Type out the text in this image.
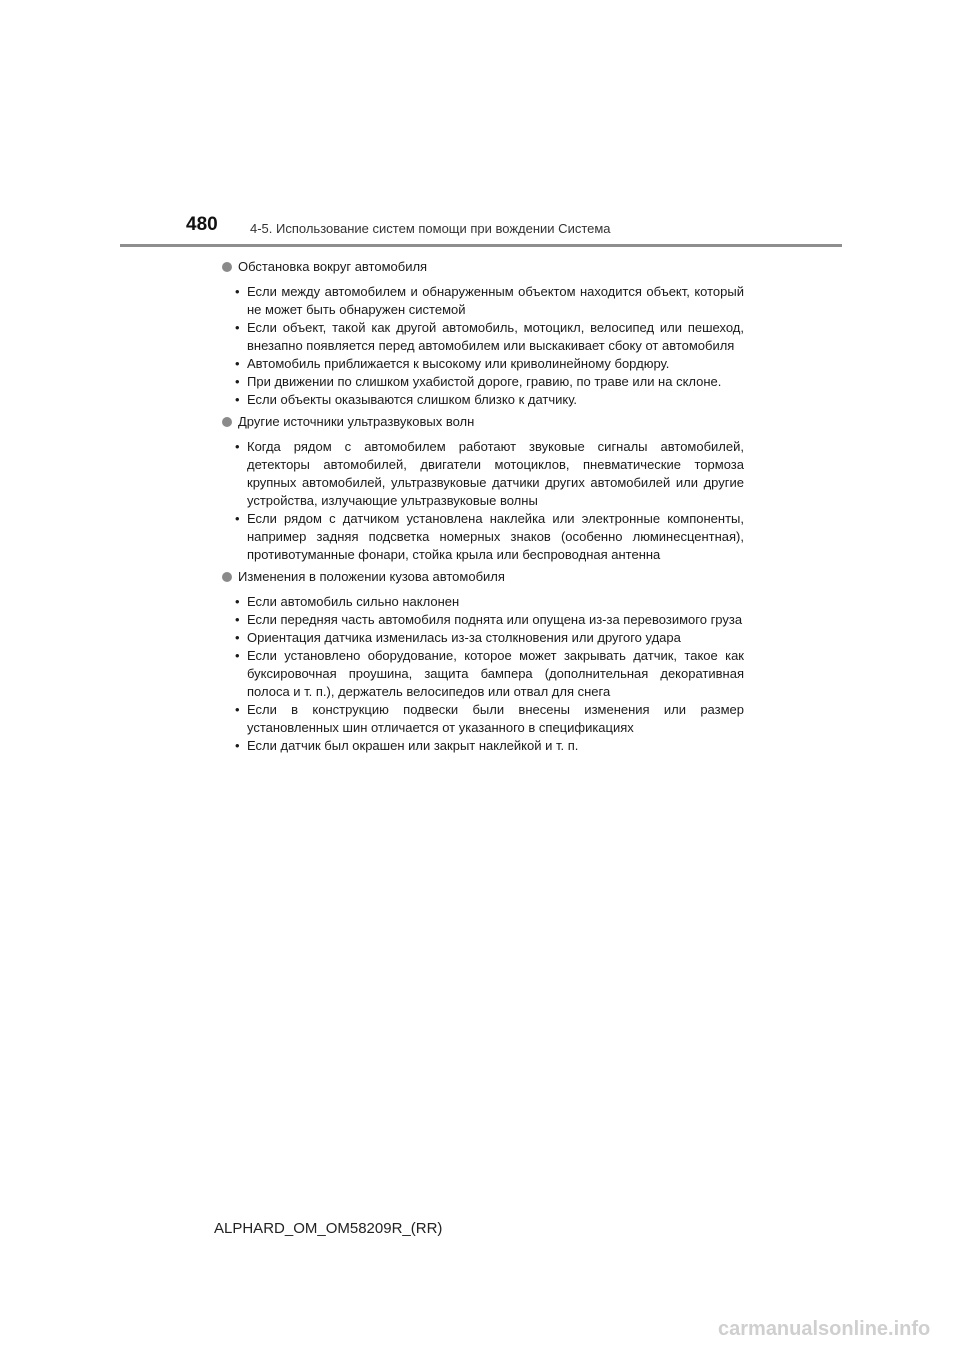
480 4-5. Использование систем помощи при вождении Система
Обстановка вокруг автомобиля
• Если между автомобилем и обнаруженным объектом находится объект, который не может быть обнаружен системой
• Если объект, такой как другой автомобиль, мотоцикл, велосипед или пешеход, внезапно появляется перед автомобилем или выскакивает сбоку от автомобиля
• Автомобиль приближается к высокому или криволинейному бордюру.
• При движении по слишком ухабистой дороге, гравию, по траве или на склоне.
• Если объекты оказываются слишком близко к датчику.
Другие источники ультразвуковых волн
• Когда рядом с автомобилем работают звуковые сигналы автомобилей, детекторы автомобилей, двигатели мотоциклов, пневматические тормоза крупных автомобилей, ультразвуковые датчики других автомобилей или другие устройства, излучающие ультразвуковые волны
• Если рядом с датчиком установлена наклейка или электронные компоненты, например задняя подсветка номерных знаков (особенно люминесцентная), противотуманные фонари, стойка крыла или беспроводная антенна
Изменения в положении кузова автомобиля
• Если автомобиль сильно наклонен
• Если передняя часть автомобиля поднята или опущена из-за перевозимого груза
• Ориентация датчика изменилась из-за столкновения или другого удара
• Если установлено оборудование, которое может закрывать датчик, такое как буксировочная проушина, защита бампера (дополнительная декоративная полоса и т. п.), держатель велосипедов или отвал для снега
• Если в конструкцию подвески были внесены изменения или размер установленных шин отличается от указанного в спецификациях
• Если датчик был окрашен или закрыт наклейкой и т. п.
ALPHARD_OM_OM58209R_(RR)
carmanualsonline.info
